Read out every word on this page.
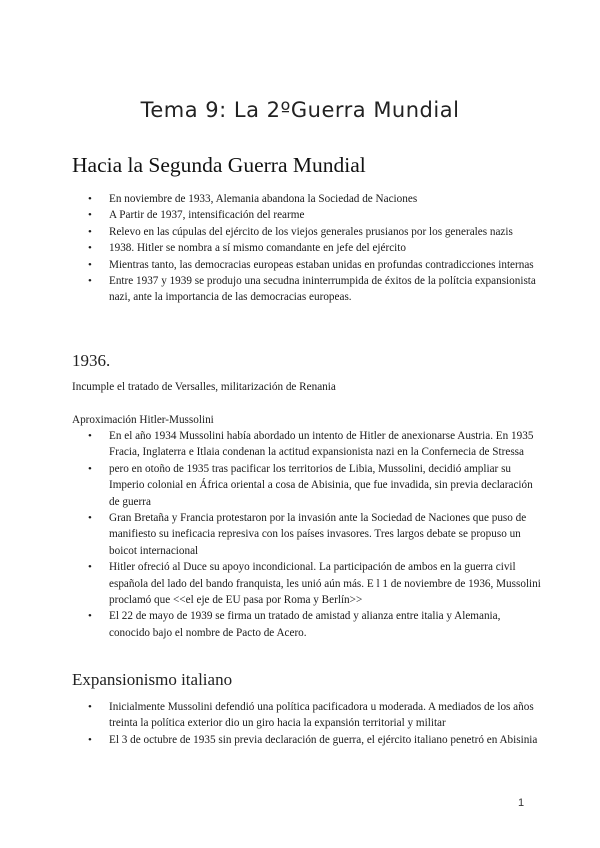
Tema 9: La 2ºGuerra Mundial
Hacia la Segunda Guerra Mundial
• En noviembre de 1933, Alemania abandona la Sociedad de Naciones
• A Partir de 1937, intensificación del rearme
• Relevo en las cúpulas del ejército de los viejos generales prusianos por los generales nazis
• 1938. Hitler se nombra a sí mismo comandante en jefe del ejército
• Mientras tanto, las democracias europeas estaban unidas en profundas contradicciones internas
• Entre 1937 y 1939 se produjo una secudna ininterrumpida de éxitos de la polítcia expansionista nazi, ante la importancia de las democracias europeas.
1936.

Incumple el tratado de Versalles, militarización de Renania

Aproximación Hitler-Mussolini

• En el año 1934 Mussolini había abordado un intento de Hitler de anexionarse Austria. En 1935 Fracia, Inglaterra e Itlaia condenan la actitud expansionista nazi en la Confernecia de Stressa
• pero en otoño de 1935 tras pacificar los territorios de Libia, Mussolini, decidió ampliar su Imperio colonial en África oriental a cosa de Abisinia, que fue invadida, sin previa declaración de guerra
• Gran Bretaña y Francia protestaron por la invasión ante la Sociedad de Naciones que puso de manifiesto su ineficacia represiva con los países invasores. Tres largos debate se propuso un boicot internacional
• Hitler ofreció al Duce su apoyo incondicional. La participación de ambos en la guerra civil española del lado del bando franquista, les unió aún más. E l 1 de noviembre de 1936, Mussolini proclamó que <<el eje de EU pasa por Roma y Berlín>>
• El 22 de mayo de 1939 se firma un tratado de amistad y alianza entre italia y Alemania, conocido bajo el nombre de Pacto de Acero.
Expansionismo italiano
• Inicialmente Mussolini defendió una política pacificadora u moderada. A mediados de los años treinta la política exterior dio un giro hacia la expansión territorial y militar
• El 3 de octubre de 1935 sin previa declaración de guerra, el ejército italiano penetró en Abisinia
1
